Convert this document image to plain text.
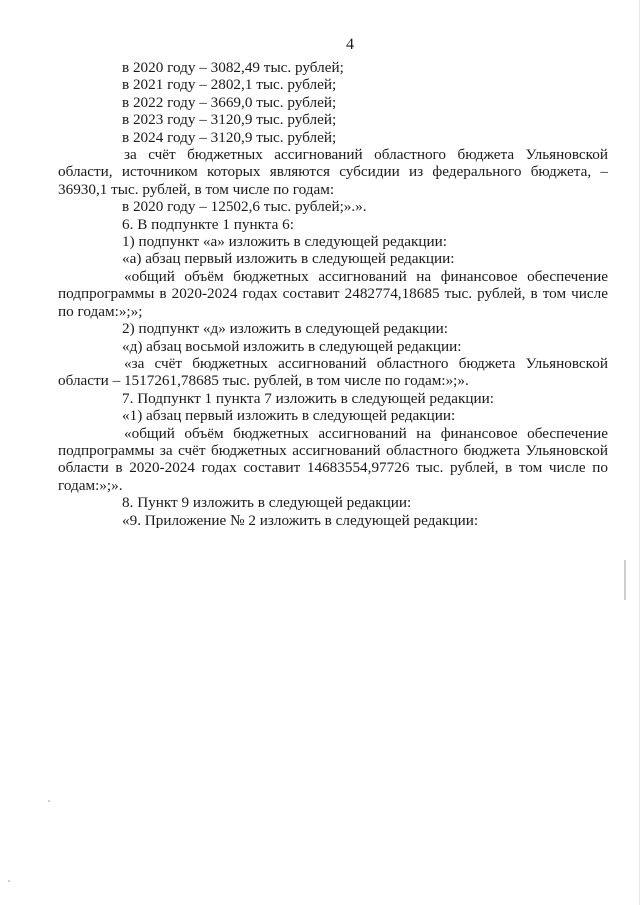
4
в 2020 году – 3082,49 тыс. рублей;
в 2021 году – 2802,1 тыс. рублей;
в 2022 году – 3669,0 тыс. рублей;
в 2023 году – 3120,9 тыс. рублей;
в 2024 году – 3120,9 тыс. рублей;
за счёт бюджетных ассигнований областного бюджета Ульяновской области, источником которых являются субсидии из федерального бюджета, – 36930,1 тыс. рублей, в том числе по годам:
в 2020 году – 12502,6 тыс. рублей;».».
6. В подпункте 1 пункта 6:
1) подпункт «а» изложить в следующей редакции:
«а) абзац первый изложить в следующей редакции:
«общий объём бюджетных ассигнований на финансовое обеспечение подпрограммы в 2020-2024 годах составит 2482774,18685 тыс. рублей, в том числе по годам:»;»;
2) подпункт «д» изложить в следующей редакции:
«д) абзац восьмой изложить в следующей редакции:
«за счёт бюджетных ассигнований областного бюджета Ульяновской области – 1517261,78685 тыс. рублей, в том числе по годам:»;».
7. Подпункт 1 пункта 7 изложить в следующей редакции:
«1) абзац первый изложить в следующей редакции:
«общий объём бюджетных ассигнований на финансовое обеспечение подпрограммы за счёт бюджетных ассигнований областного бюджета Ульяновской области в 2020-2024 годах составит 14683554,97726 тыс. рублей, в том числе по годам:»;».
8. Пункт 9 изложить в следующей редакции:
«9. Приложение № 2 изложить в следующей редакции:
